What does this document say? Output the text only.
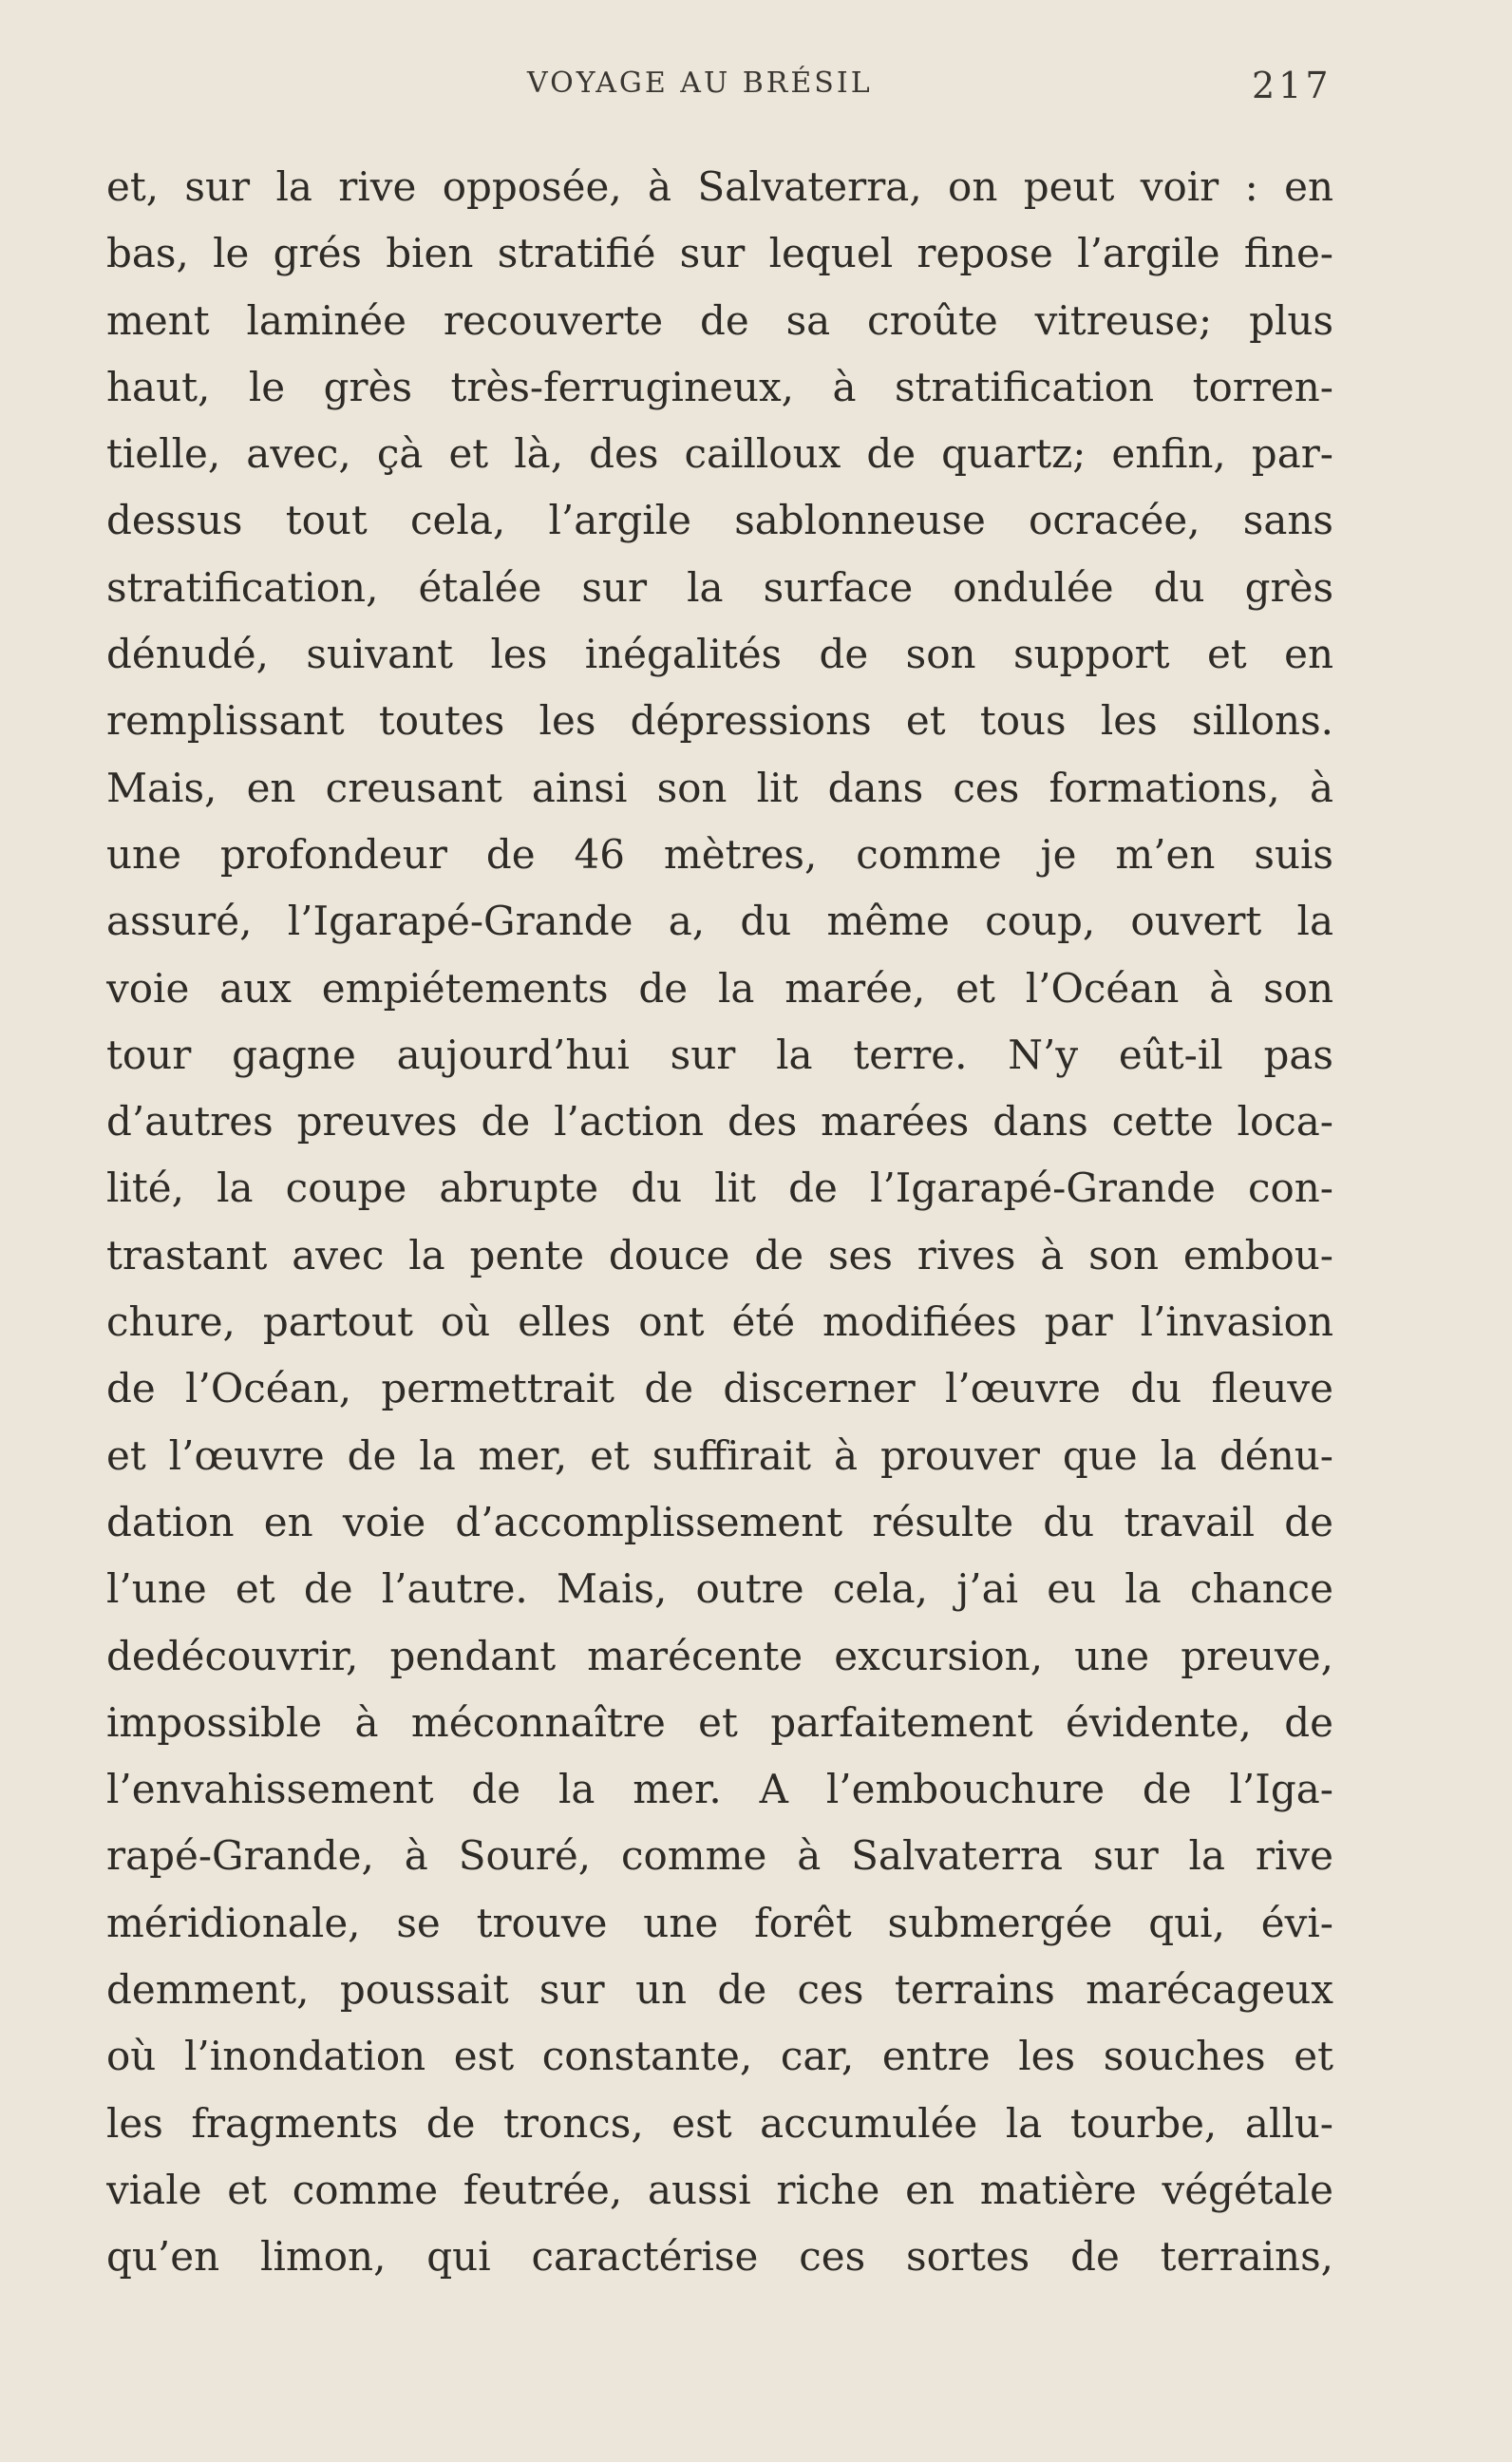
VOYAGE AU BRÉSIL	217
et, sur la rive opposée, à Salvaterra, on peut voir : en
bas, le grés bien stratifié sur lequel repose l’argile fine-
ment laminée recouverte de sa croûte vitreuse; plus
haut, le grès très-ferrugineux, à stratification torren-
tielle, avec, çà et là, des cailloux de quartz; enfin, par-
dessus tout cela, l’argile sablonneuse ocracée, sans
stratification, étalée sur la surface ondulée du grès
dénudé, suivant les inégalités de son support et en
remplissant toutes les dépressions et tous les sillons.
Mais, en creusant ainsi son lit dans ces formations, à
une profondeur de 46 mètres, comme je m’en suis
assuré, l’Igarapé-Grande a, du même coup, ouvert la
voie aux empiétements de la marée, et l’Océan à son
tour gagne aujourd’hui sur la terre. N’y eût-il pas
d’autres preuves de l’action des marées dans cette loca-
lité, la coupe abrupte du lit de l’Igarapé-Grande con-
trastant avec la pente douce de ses rives à son embou-
chure, partout où elles ont été modifiées par l’invasion
de l’Océan, permettrait de discerner l’œuvre du fleuve
et l’œuvre de la mer, et suffirait à prouver que la dénu-
dation en voie d’accomplissement résulte du travail de
l’une et de l’autre. Mais, outre cela, j’ai eu la chance
dedécouvrir, pendant marécente excursion, une preuve,
impossible à méconnaître et parfaitement évidente, de
l’envahissement de la mer. A l’embouchure de l’Iga-
rapé-Grande, à Souré, comme à Salvaterra sur la rive
méridionale, se trouve une forêt submergée qui, évi-
demment, poussait sur un de ces terrains marécageux
où l’inondation est constante, car, entre les souches et
les fragments de troncs, est accumulée la tourbe, allu-
viale et comme feutrée, aussi riche en matière végétale
qu’en limon, qui caractérise ces sortes de terrains,
